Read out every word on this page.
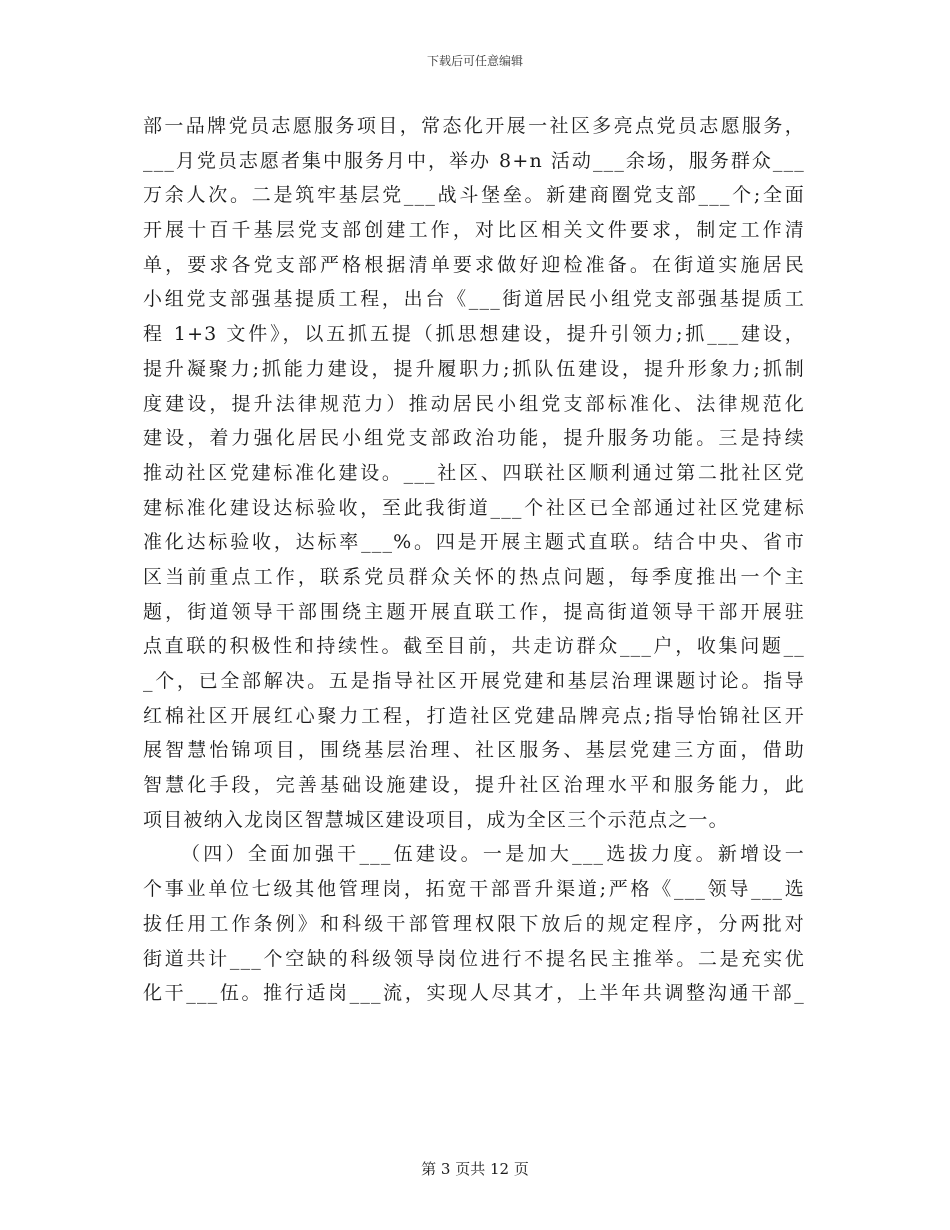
下载后可任意编辑
部一品牌党员志愿服务项目，常态化开展一社区多亮点党员志愿服务，
___月党员志愿者集中服务月中，举办 8+n 活动___余场，服务群众___
万余人次。二是筑牢基层党___战斗堡垒。新建商圈党支部___个;全面
开展十百千基层党支部创建工作，对比区相关文件要求，制定工作清
单，要求各党支部严格根据清单要求做好迎检准备。在街道实施居民
小组党支部强基提质工程，出台《___街道居民小组党支部强基提质工
程 1+3 文件》，以五抓五提（抓思想建设，提升引领力;抓___建设，
提升凝聚力;抓能力建设，提升履职力;抓队伍建设，提升形象力;抓制
度建设，提升法律规范力）推动居民小组党支部标准化、法律规范化
建设，着力强化居民小组党支部政治功能，提升服务功能。三是持续
推动社区党建标准化建设。___社区、四联社区顺利通过第二批社区党
建标准化建设达标验收，至此我街道___个社区已全部通过社区党建标
准化达标验收，达标率___%。四是开展主题式直联。结合中央、省市
区当前重点工作，联系党员群众关怀的热点问题，每季度推出一个主
题，街道领导干部围绕主题开展直联工作，提高街道领导干部开展驻
点直联的积极性和持续性。截至目前，共走访群众___户，收集问题__
_个，已全部解决。五是指导社区开展党建和基层治理课题讨论。指导
红棉社区开展红心聚力工程，打造社区党建品牌亮点;指导怡锦社区开
展智慧怡锦项目，围绕基层治理、社区服务、基层党建三方面，借助
智慧化手段，完善基础设施建设，提升社区治理水平和服务能力，此
项目被纳入龙岗区智慧城区建设项目，成为全区三个示范点之一。
（四）全面加强干___伍建设。一是加大___选拔力度。新增设一
个事业单位七级其他管理岗，拓宽干部晋升渠道;严格《___领导___选
拔任用工作条例》和科级干部管理权限下放后的规定程序，分两批对
街道共计___个空缺的科级领导岗位进行不提名民主推举。二是充实优
化干___伍。推行适岗___流，实现人尽其才，上半年共调整沟通干部_
第 3 页共 12 页
